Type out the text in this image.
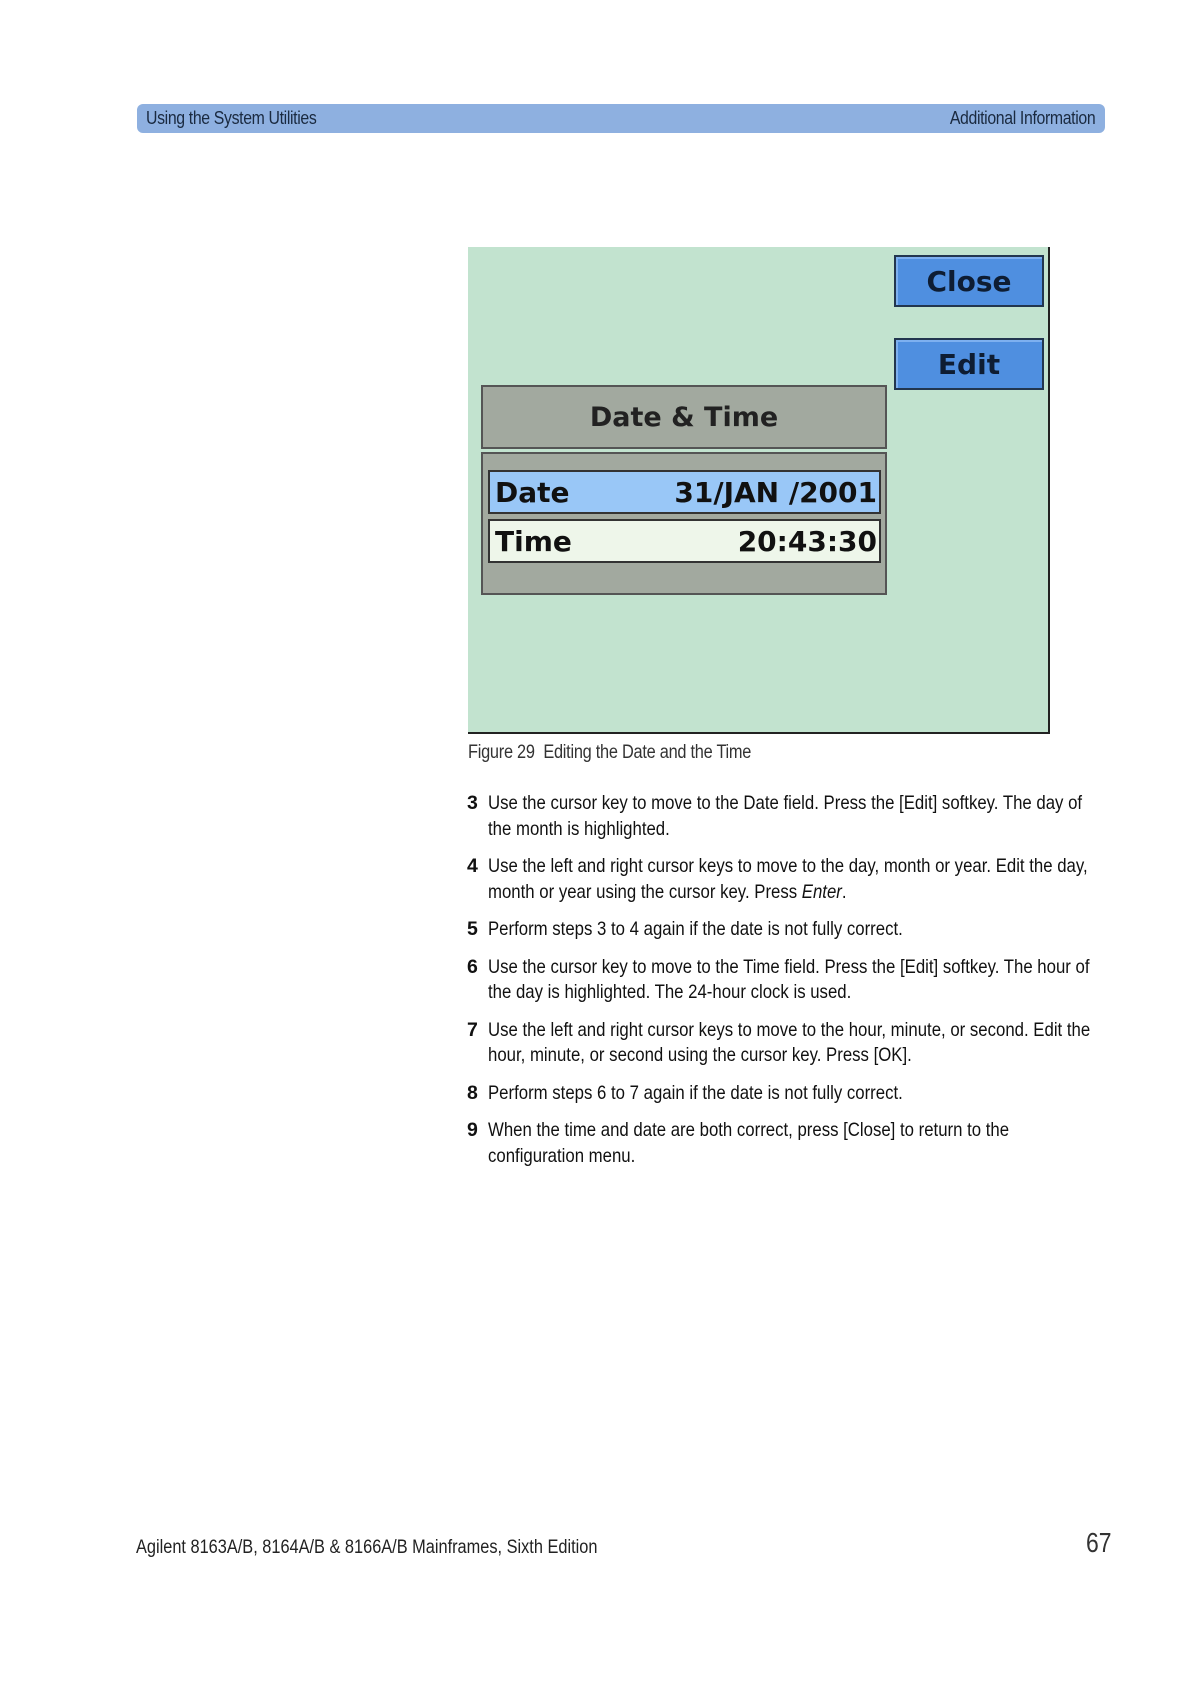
Using the System Utilities	Additional Information
Close
Edit
Date & Time
Date	31/JAN /2001
Time	20:43:30
Figure 29 Editing the Date and the Time
3 Use the cursor key to move to the Date field. Press the [Edit] softkey. The day of the month is highlighted.
4 Use the left and right cursor keys to move to the day, month or year. Edit the day, month or year using the cursor key. Press Enter.
5 Perform steps 3 to 4 again if the date is not fully correct.
6 Use the cursor key to move to the Time field. Press the [Edit] softkey. The hour of the day is highlighted. The 24-hour clock is used.
7 Use the left and right cursor keys to move to the hour, minute, or second. Edit the hour, minute, or second using the cursor key. Press [OK].
8 Perform steps 6 to 7 again if the date is not fully correct.
9 When the time and date are both correct, press [Close] to return to the configuration menu.
Agilent 8163A/B, 8164A/B & 8166A/B Mainframes, Sixth Edition	67
